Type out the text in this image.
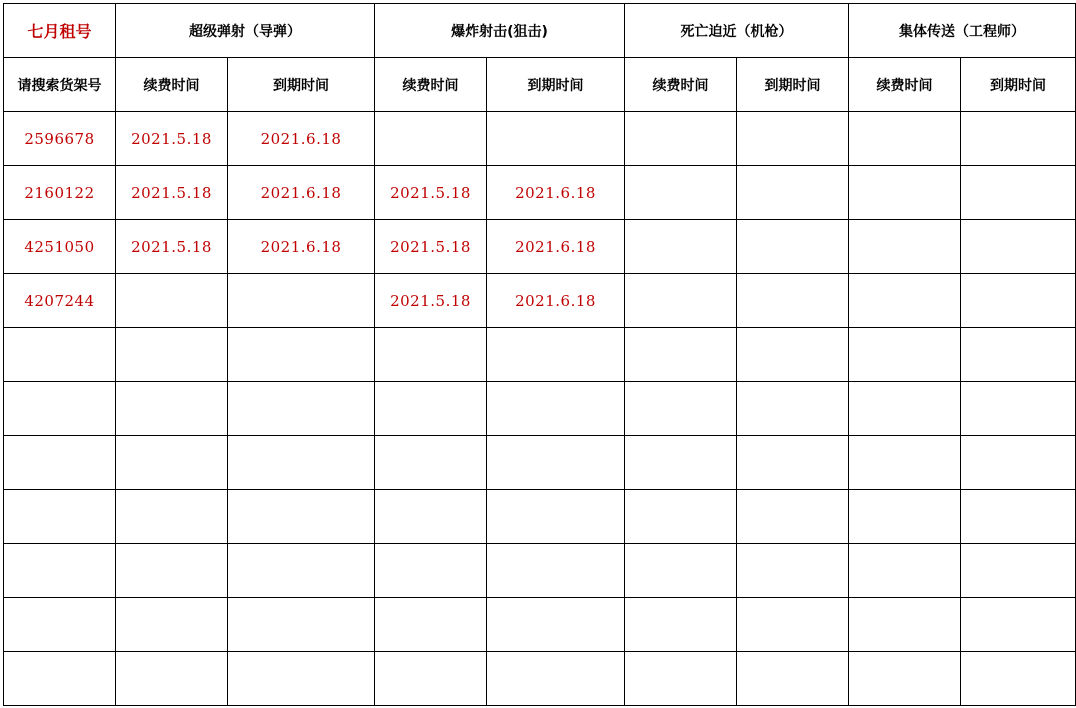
七月租号	超级弹射（导弹）		爆炸射击(狙击)		死亡迫近（机枪）		集体传送（工程师）	
请搜索货架号	续费时间	到期时间	续费时间	到期时间	续费时间	到期时间	续费时间	到期时间
2596678	2021.5.18	2021.6.18						
2160122	2021.5.18	2021.6.18	2021.5.18	2021.6.18				
4251050	2021.5.18	2021.6.18	2021.5.18	2021.6.18				
4207244			2021.5.18	2021.6.18				
